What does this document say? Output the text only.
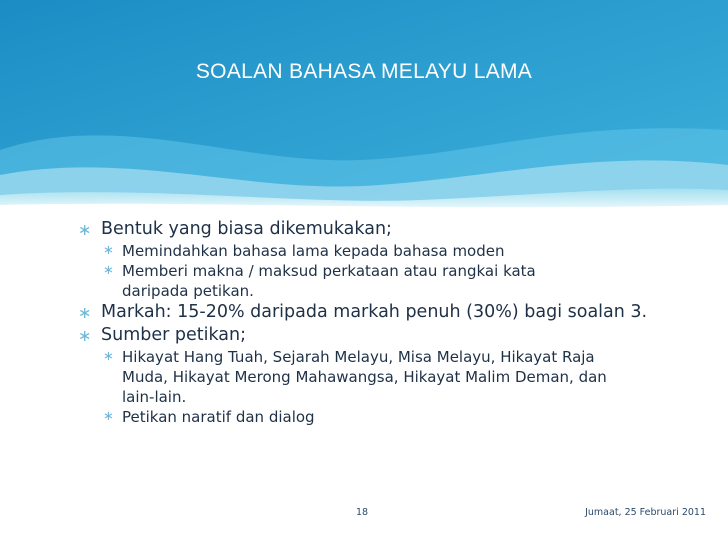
SOALAN BAHASA MELAYU LAMA
∗ Bentuk yang biasa dikemukakan;
∗ Memindahkan bahasa lama kepada bahasa moden
∗ Memberi makna / maksud perkataan atau rangkai kata daripada petikan.
∗ Markah: 15-20% daripada markah penuh (30%) bagi soalan 3.
∗ Sumber petikan;
∗ Hikayat Hang Tuah, Sejarah Melayu, Misa Melayu, Hikayat Raja Muda, Hikayat Merong Mahawangsa, Hikayat Malim Deman, dan lain-lain.
∗ Petikan naratif dan dialog
18	Jumaat, 25 Februari 2011
